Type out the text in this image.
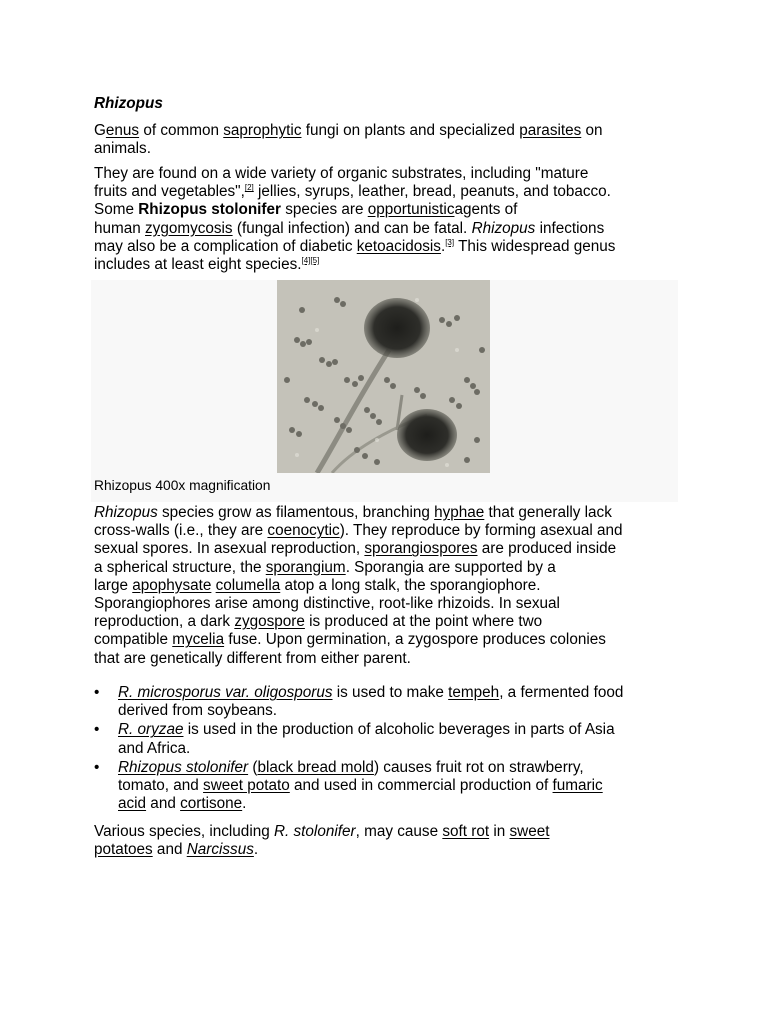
Rhizopus

Genus of common saprophytic fungi on plants and specialized parasites on
animals.

They are found on a wide variety of organic substrates, including "mature
fruits and vegetables",[2] jellies, syrups, leather, bread, peanuts, and tobacco.
Some Rhizopus stolonifer species are opportunisticagents of
human zygomycosis (fungal infection) and can be fatal. Rhizopus infections
may also be a complication of diabetic ketoacidosis.[3] This widespread genus
includes at least eight species.[4][5]

Rhizopus 400x magnification

Rhizopus species grow as filamentous, branching hyphae that generally lack
cross-walls (i.e., they are coenocytic). They reproduce by forming asexual and
sexual spores. In asexual reproduction, sporangiospores are produced inside
a spherical structure, the sporangium. Sporangia are supported by a
large apophysate columella atop a long stalk, the sporangiophore.
Sporangiophores arise among distinctive, root-like rhizoids. In sexual
reproduction, a dark zygospore is produced at the point where two
compatible mycelia fuse. Upon germination, a zygospore produces colonies
that are genetically different from either parent.

• R. microsporus var. oligosporus is used to make tempeh, a fermented food
derived from soybeans.
• R. oryzae is used in the production of alcoholic beverages in parts of Asia
and Africa.
• Rhizopus stolonifer (black bread mold) causes fruit rot on strawberry,
tomato, and sweet potato and used in commercial production of fumaric
acid and cortisone.

Various species, including R. stolonifer, may cause soft rot in sweet
potatoes and Narcissus.
